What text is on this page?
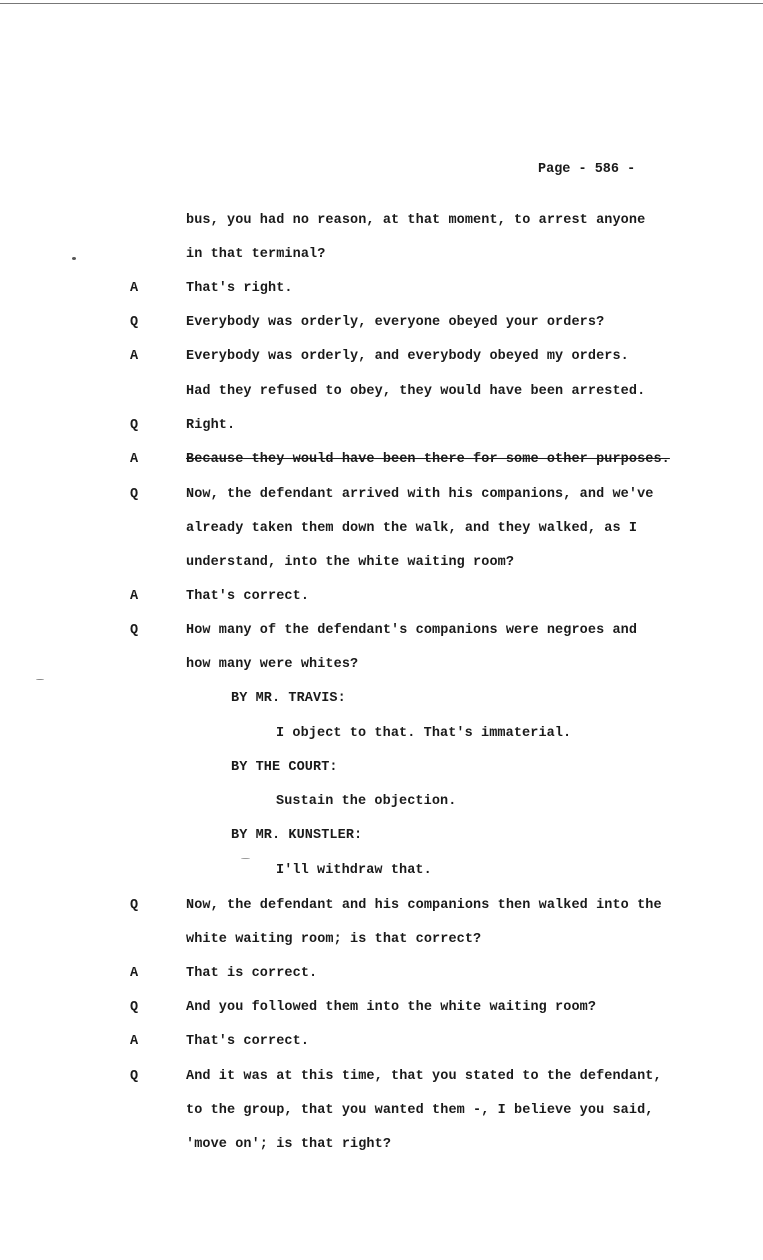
Page - 586 -
bus, you had no reason, at that moment, to arrest anyone
in that terminal?
A	That's right.
Q	Everybody was orderly, everyone obeyed your orders?
A	Everybody was orderly, and everybody obeyed my orders.
Had they refused to obey, they would have been arrested.
Q	Right.
A	Because they would have been there for some other purposes.
Q	Now, the defendant arrived with his companions, and we've
already taken them down the walk, and they walked, as I
understand, into the white waiting room?
A	That's correct.
Q	How many of the defendant's companions were negroes and
how many were whites?
BY MR. TRAVIS:
I object to that. That's immaterial.
BY THE COURT:
Sustain the objection.
BY MR. KUNSTLER:
I'll withdraw that.
Q	Now, the defendant and his companions then walked into the
white waiting room; is that correct?
A	That is correct.
Q	And you followed them into the white waiting room?
A	That's correct.
Q	And it was at this time, that you stated to the defendant,
to the group, that you wanted them -, I believe you said,
'move on'; is that right?
